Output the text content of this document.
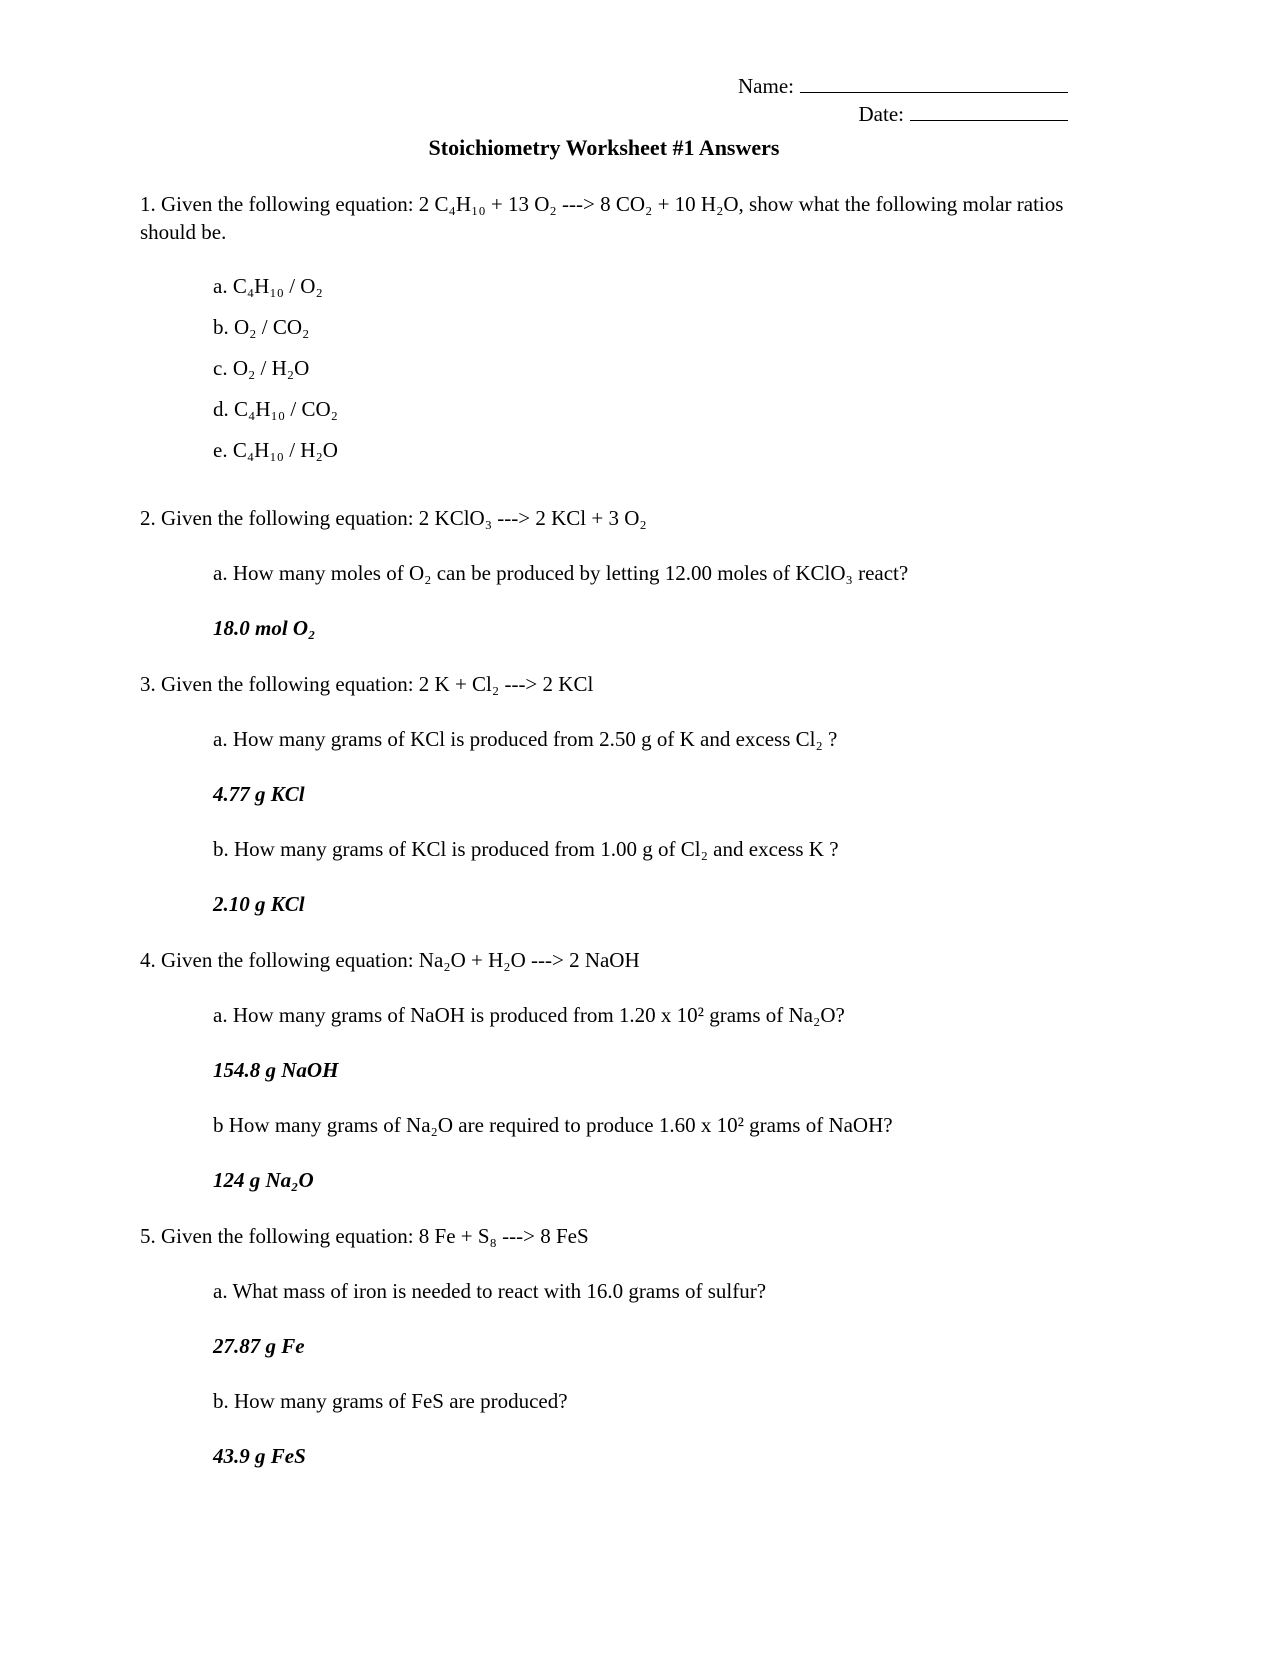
Name:
Date:
Stoichiometry Worksheet #1 Answers

1. Given the following equation: 2 C₄H₁₀ + 13 O₂ ---> 8 CO₂ + 10 H₂O, show what the following molar ratios should be.

a. C₄H₁₀ / O₂

b. O₂ / CO₂

c. O₂ / H₂O

d. C₄H₁₀ / CO₂

e. C₄H₁₀ / H₂O

2. Given the following equation: 2 KClO₃ ---> 2 KCl + 3 O₂

a. How many moles of O₂ can be produced by letting 12.00 moles of KClO₃ react?

18.0 mol O₂

3. Given the following equation: 2 K + Cl₂ ---> 2 KCl

a. How many grams of KCl is produced from 2.50 g of K and excess Cl₂ ?

4.77 g KCl

b. How many grams of KCl is produced from 1.00 g of Cl₂ and excess K ?

2.10 g KCl

4. Given the following equation: Na₂O + H₂O ---> 2 NaOH

a. How many grams of NaOH is produced from 1.20 x 10² grams of Na₂O?

154.8 g NaOH

b How many grams of Na₂O are required to produce 1.60 x 10² grams of NaOH?

124 g Na₂O

5. Given the following equation: 8 Fe + S₈ ---> 8 FeS

a. What mass of iron is needed to react with 16.0 grams of sulfur?

27.87 g Fe

b. How many grams of FeS are produced?

43.9 g FeS
